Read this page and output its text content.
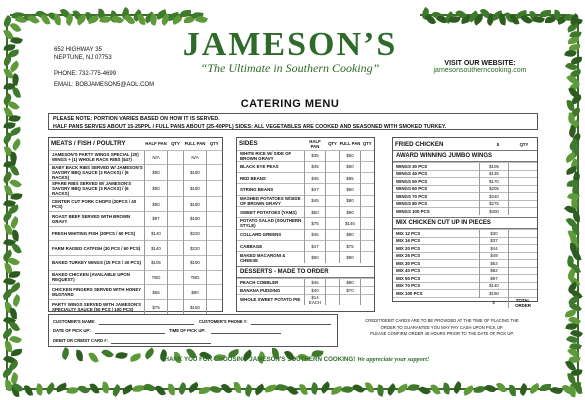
652 HIGHWAY 35
NEPTUNE, NJ 07753
PHONE: 732-775-4699
EMAIL: BOBJAMESON5@AOL.COM
JAMESON’S
“The Ultimate in Southern Cooking”	VISIT OUR WEBSITE:
jamesonsoutherncooking.com
CATERING MENU
PLEASE NOTE: PORTION VARIES BASED ON HOW IT IS SERVED.
HALF PANS SERVES ABOUT 15-25PPL / FULL PANS ABOUT (25-40PPL) SIDES: ALL VEGETABLES ARE COOKED AND SEASONED WITH SMOKED TURKEY.
MEATS / FISH / POULTRY	HALF PAN	QTY	FULL PAN	QTY
JAMESON'S PARTY WINGS SPECIAL (20) WINGS + (1) WHOLE RACK RIBS ($47)	N/A		N/A	
BABY BACK RIBS SERVED W/ JAMESON'S SAVORY BBQ SAUCE (3 RACKS) / (6 RACKS)	$90		$180	
SPARE RIBS SERVED W/ JAMESON'S SAVORY BBQ SAUCE (3 RACKS) / (6 RACKS)	$90		$180	
CENTER CUT PORK CHOPS (20PCS / 40 PCS)	$90		$180	
ROAST BEEF SERVED WITH BROWN GRAVY	$97		$180	
FRESH WHITING FISH (30PCS / 60 PCS)	$140		$220	
FARM RAISED CATFISH (30 PCS / 60 PCS)	$140		$220	
BAKED TURKEY WINGS (15 PCS / 30 PCS)	$105		$190	
BAKED CHICKEN (AVAILABLE UPON REQUEST)	TBD		TBD	
CHICKEN FINGERS SERVED WITH HONEY MUSTARD	$55		$90	
PARTY WINGS SERVED WITH JAMESON'S SPECIALTY SAUCE (50 PCS / 100 PCS)	$75		$150	
SIDES	HALF PAN	QTY	FULL PAN	QTY
WHITE RICE W/ SIDE OF BROWN GRAVY	$35		$50	
BLACK EYE PEAS	$45		$60	
RED BEANS	$45		$85	
STRING BEANS	$47		$60	
MASHED POTATOES W/SIDE OF BROWN GRAVY	$45		$80	
SWEET POTATOES (YAMS)	$50		$90	
POTATO SALAD (SOUTHERN STYLE)	$75		$145	
COLLARD GREENS	$45		$80	
CABBAGE	$47		$75	
BAKED MACARONI & CHEESE	$50		$90	
DESSERTS - MADE TO ORDER
PEACH COBBLER	$45		$80	
BANANA PUDDING	$40		$70	
WHOLE SWEET POTATO PIE	$14 EACH			
FRIED CHICKEN	$	QTY
AWARD WINNING JUMBO WINGS
WINGS 30 PCS	$105	
WINGS 40 PCS	$135	
WINGS 50 PCS	$170	
WINGS 60 PCS	$205	
WINGS 70 PCS	$240	
WINGS 80 PCS	$275	
WINGS 100 PCS	$300	
MIX CHICKEN CUT UP IN PIECES
MIX 12 PCS	$30	
MIX 16 PCS	$37	
MIX 20 PCS	$44	
MIX 25 PCS	$49	
MIX 30 PCS	$63	
MIX 40 PCS	$82	
MIX 50 PCS	$97	
MIX 70 PCS	$140	
MIX 100 PCS	$190	
	$	TOTAL ORDER
CUSTOMER'S NAME:	CUSTOMER'S PHONE #:
DATE OF PICK UP:	TIME OF PICK UP:
DEBIT OR CREDIT CARD #:
CREDIT/DEBIT CARDS ARE TO BE PROVIDED AT THE TIME OF PLACING THE
ORDER TO GUARANTEE YOU MAY PAY CASH UPON PICK UP.
PLEASE CONFIRM ORDER 48 HOURS PRIOR TO THE DATE OF PICK UP.
THANK YOU FOR CHOOSING JAMESON'S SOUTHERN COOKING! We appreciate your support!
